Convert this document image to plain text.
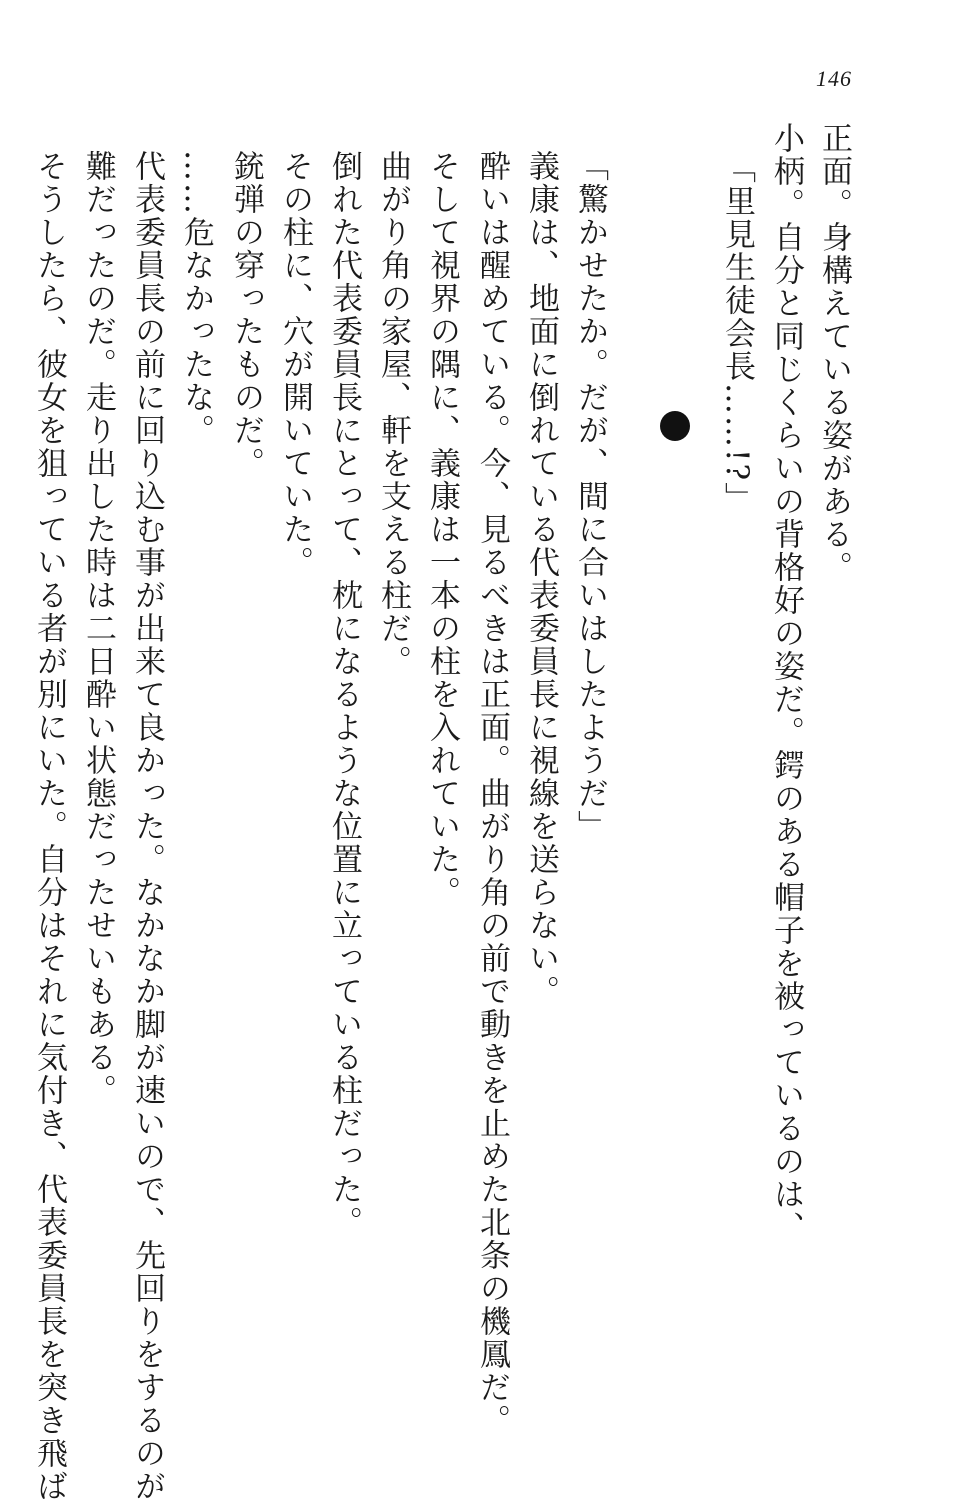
146
正面。身構えている姿がある。
小柄。自分と同じくらいの背格好の姿だ。鍔のある帽子を被っているのは、
「里見生徒会長……!?」
「驚かせたか。だが、間に合いはしたようだ」
義康は、地面に倒れている代表委員長に視線を送らない。
酔いは醒めている。今、見るべきは正面。曲がり角の前で動きを止めた北条の機鳳だ。
そして視界の隅に、義康は一本の柱を入れていた。
曲がり角の家屋、軒を支える柱だ。
倒れた代表委員長にとって、枕になるような位置に立っている柱だった。
その柱に、穴が開いていた。
銃弾の穿ったものだ。
……危なかったな。
代表委員長の前に回り込む事が出来て良かった。なかなか脚が速いので、先回りをするのが
難だったのだ。走り出した時は二日酔い状態だったせいもある。
そうしたら、彼女を狙っている者が別にいた。自分はそれに気付き、代表委員長を突き飛ば
